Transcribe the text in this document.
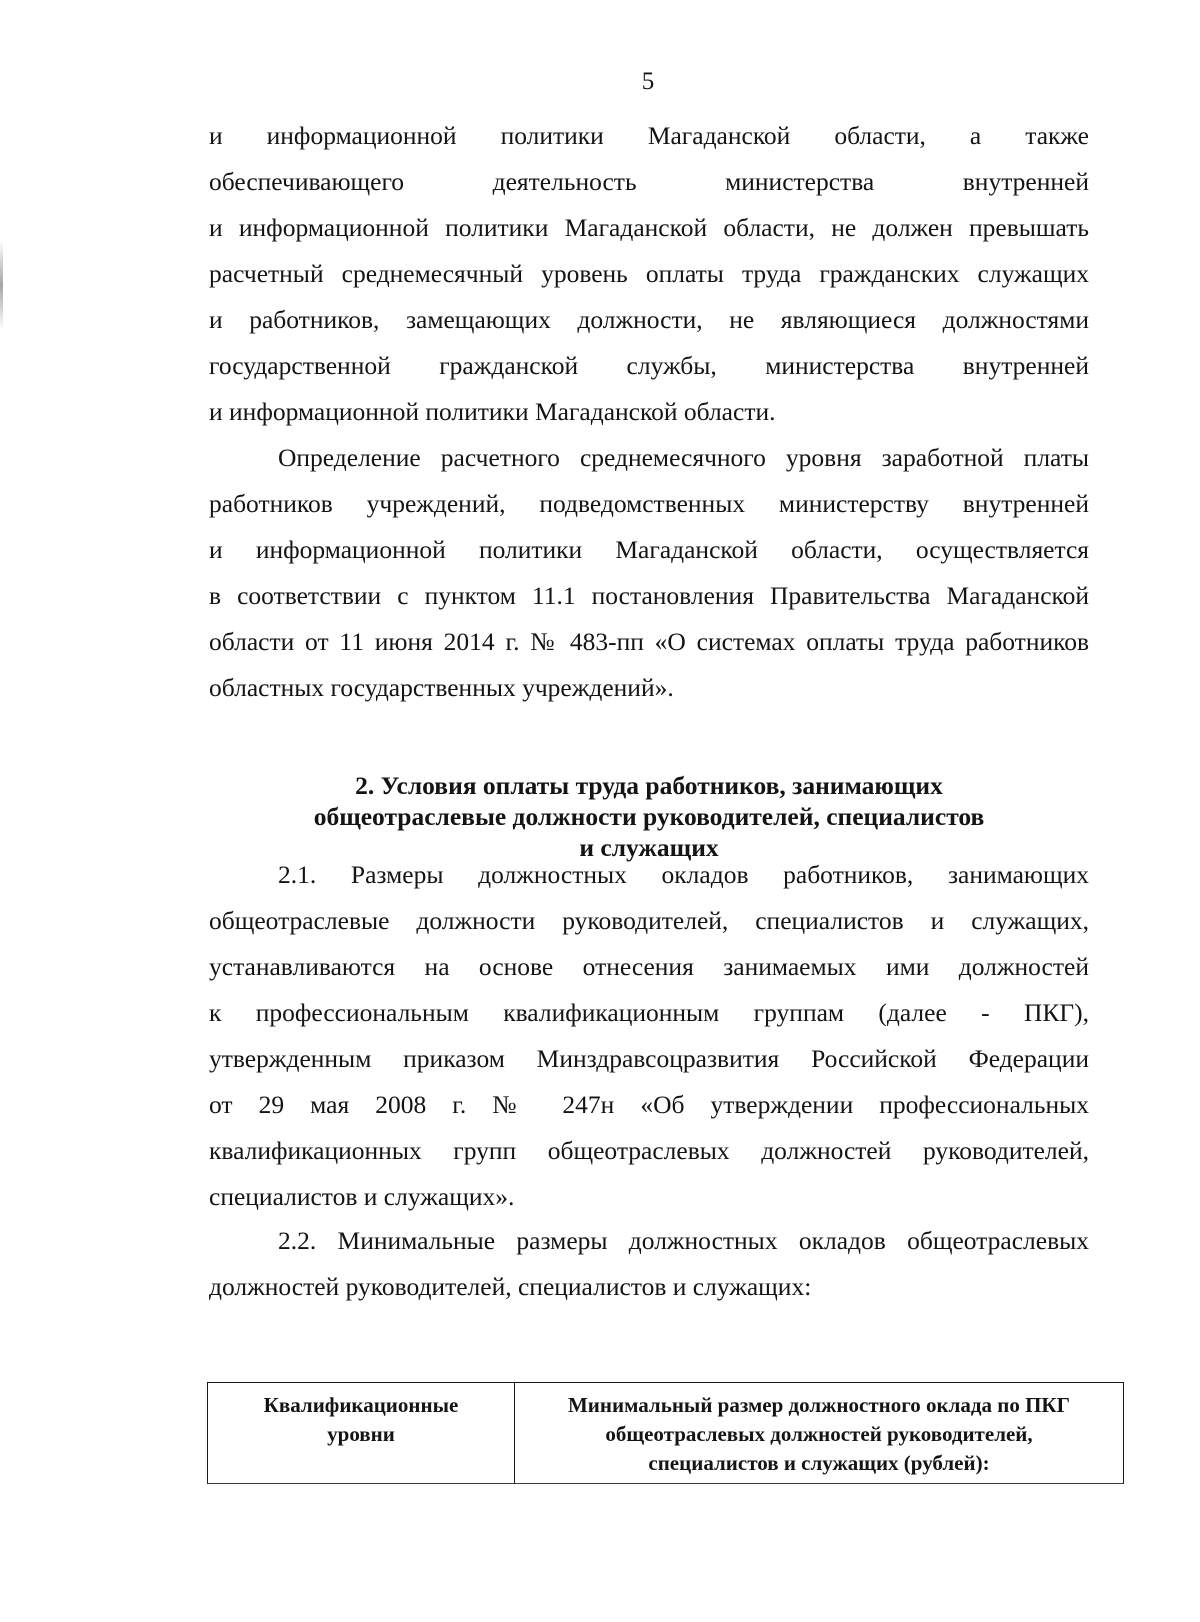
5
и информационной политики Магаданской области, а также
обеспечивающего деятельность министерства внутренней
и информационной политики Магаданской области, не должен превышать
расчетный среднемесячный уровень оплаты труда гражданских служащих
и работников, замещающих должности, не являющиеся должностями
государственной гражданской службы, министерства внутренней
и информационной политики Магаданской области.
Определение расчетного среднемесячного уровня заработной платы
работников учреждений, подведомственных министерству внутренней
и информационной политики Магаданской области, осуществляется
в соответствии с пунктом 11.1 постановления Правительства Магаданской
области от 11 июня 2014 г. № 483-пп «О системах оплаты труда работников
областных государственных учреждений».
2. Условия оплаты труда работников, занимающих
общеотраслевые должности руководителей, специалистов
и служащих
2.1. Размеры должностных окладов работников, занимающих
общеотраслевые должности руководителей, специалистов и служащих,
устанавливаются на основе отнесения занимаемых ими должностей
к профессиональным квалификационным группам (далее - ПКГ),
утвержденным приказом Минздравсоцразвития Российской Федерации
от 29 мая 2008 г. № 247н «Об утверждении профессиональных
квалификационных групп общеотраслевых должностей руководителей,
специалистов и служащих».
2.2. Минимальные размеры должностных окладов общеотраслевых
должностей руководителей, специалистов и служащих:
Квалификационные
уровни
Минимальный размер должностного оклада по ПКГ
общеотраслевых должностей руководителей,
специалистов и служащих (рублей):
